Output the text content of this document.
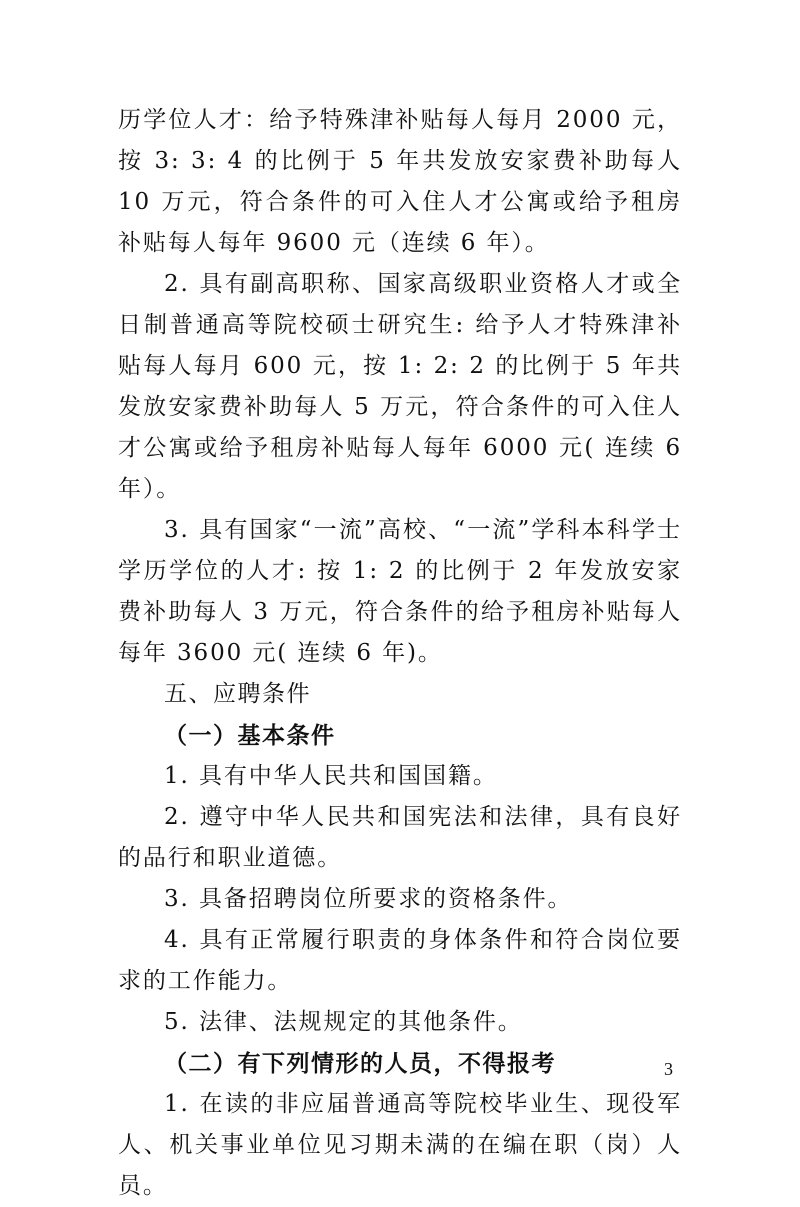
历学位人才：给予特殊津补贴每人每月 2000 元，按 3: 3: 4 的比例于 5 年共发放安家费补助每人 10 万元，符合条件的可入住人才公寓或给予租房补贴每人每年 9600 元（连续 6 年）。

2. 具有副高职称、国家高级职业资格人才或全日制普通高等院校硕士研究生: 给予人才特殊津补贴每人每月 600 元，按 1: 2: 2 的比例于 5 年共发放安家费补助每人 5 万元，符合条件的可入住人才公寓或给予租房补贴每人每年 6000 元( 连续 6 年）。

3. 具有国家“一流”高校、“一流”学科本科学士学历学位的人才: 按 1: 2 的比例于 2 年发放安家费补助每人 3 万元，符合条件的给予租房补贴每人每年 3600 元( 连续 6 年)。

五、应聘条件

（一）基本条件

1. 具有中华人民共和国国籍。

2. 遵守中华人民共和国宪法和法律，具有良好的品行和职业道德。

3. 具备招聘岗位所要求的资格条件。

4. 具有正常履行职责的身体条件和符合岗位要求的工作能力。

5. 法律、法规规定的其他条件。

（二）有下列情形的人员，不得报考

1. 在读的非应届普通高等院校毕业生、现役军人、机关事业单位见习期未满的在编在职（岗）人员。

3
